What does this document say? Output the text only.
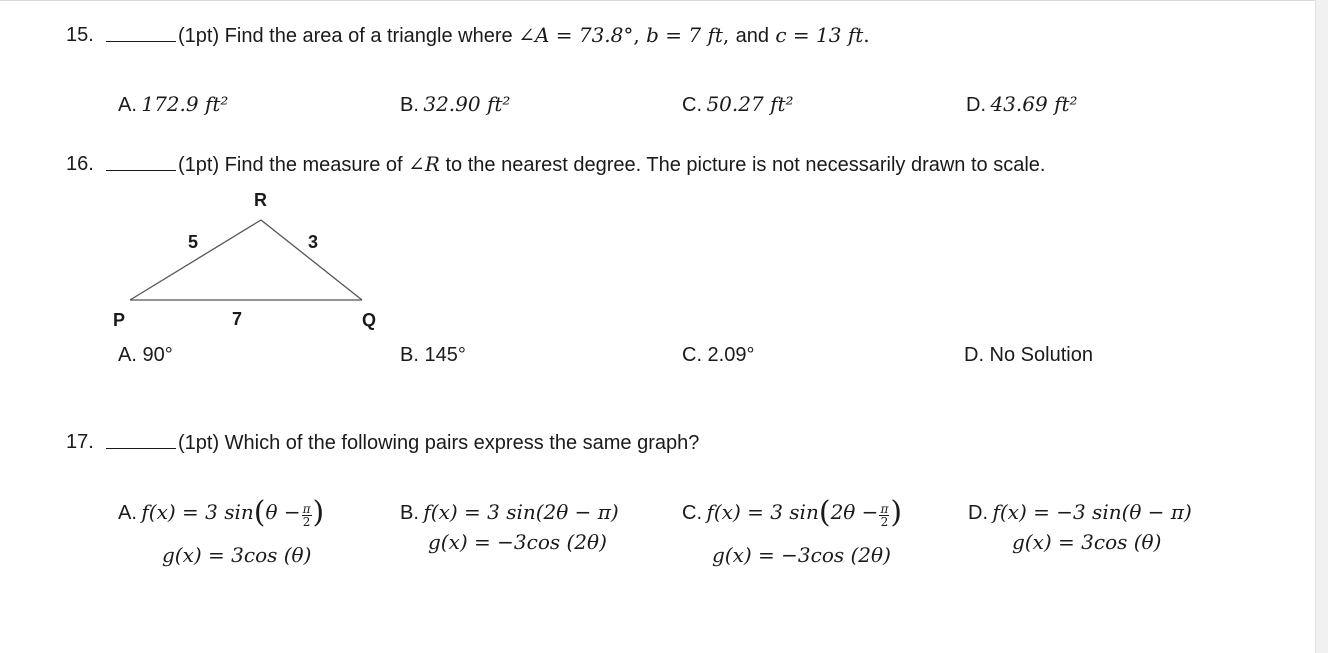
15.	(1pt) Find the area of a triangle where ∠A = 73.8°, b = 7 ft, and c = 13 ft.
A. 172.9 ft²	B. 32.90 ft²	C. 50.27 ft²	D. 43.69 ft²
16.	(1pt) Find the measure of ∠R to the nearest degree. The picture is not necessarily drawn to scale.
R
P	Q
5	3
7
A. 90°	B. 145°	C. 2.09°	D. No Solution
17.	(1pt) Which of the following pairs express the same graph?
A. f(x) = 3 $\sin(\theta - \frac{\pi}{2}$ )
g(x) = 3cos (θ)
B. f(x) = 3 sin(2θ − π)
g(x) = −3cos (2θ)
C. f(x) = 3 $\sin(2\theta - \frac{\pi}{2}$ )
g(x) = −3cos (2θ)
D. f(x) = −3 sin(θ − π)
g(x) = 3cos (θ)
